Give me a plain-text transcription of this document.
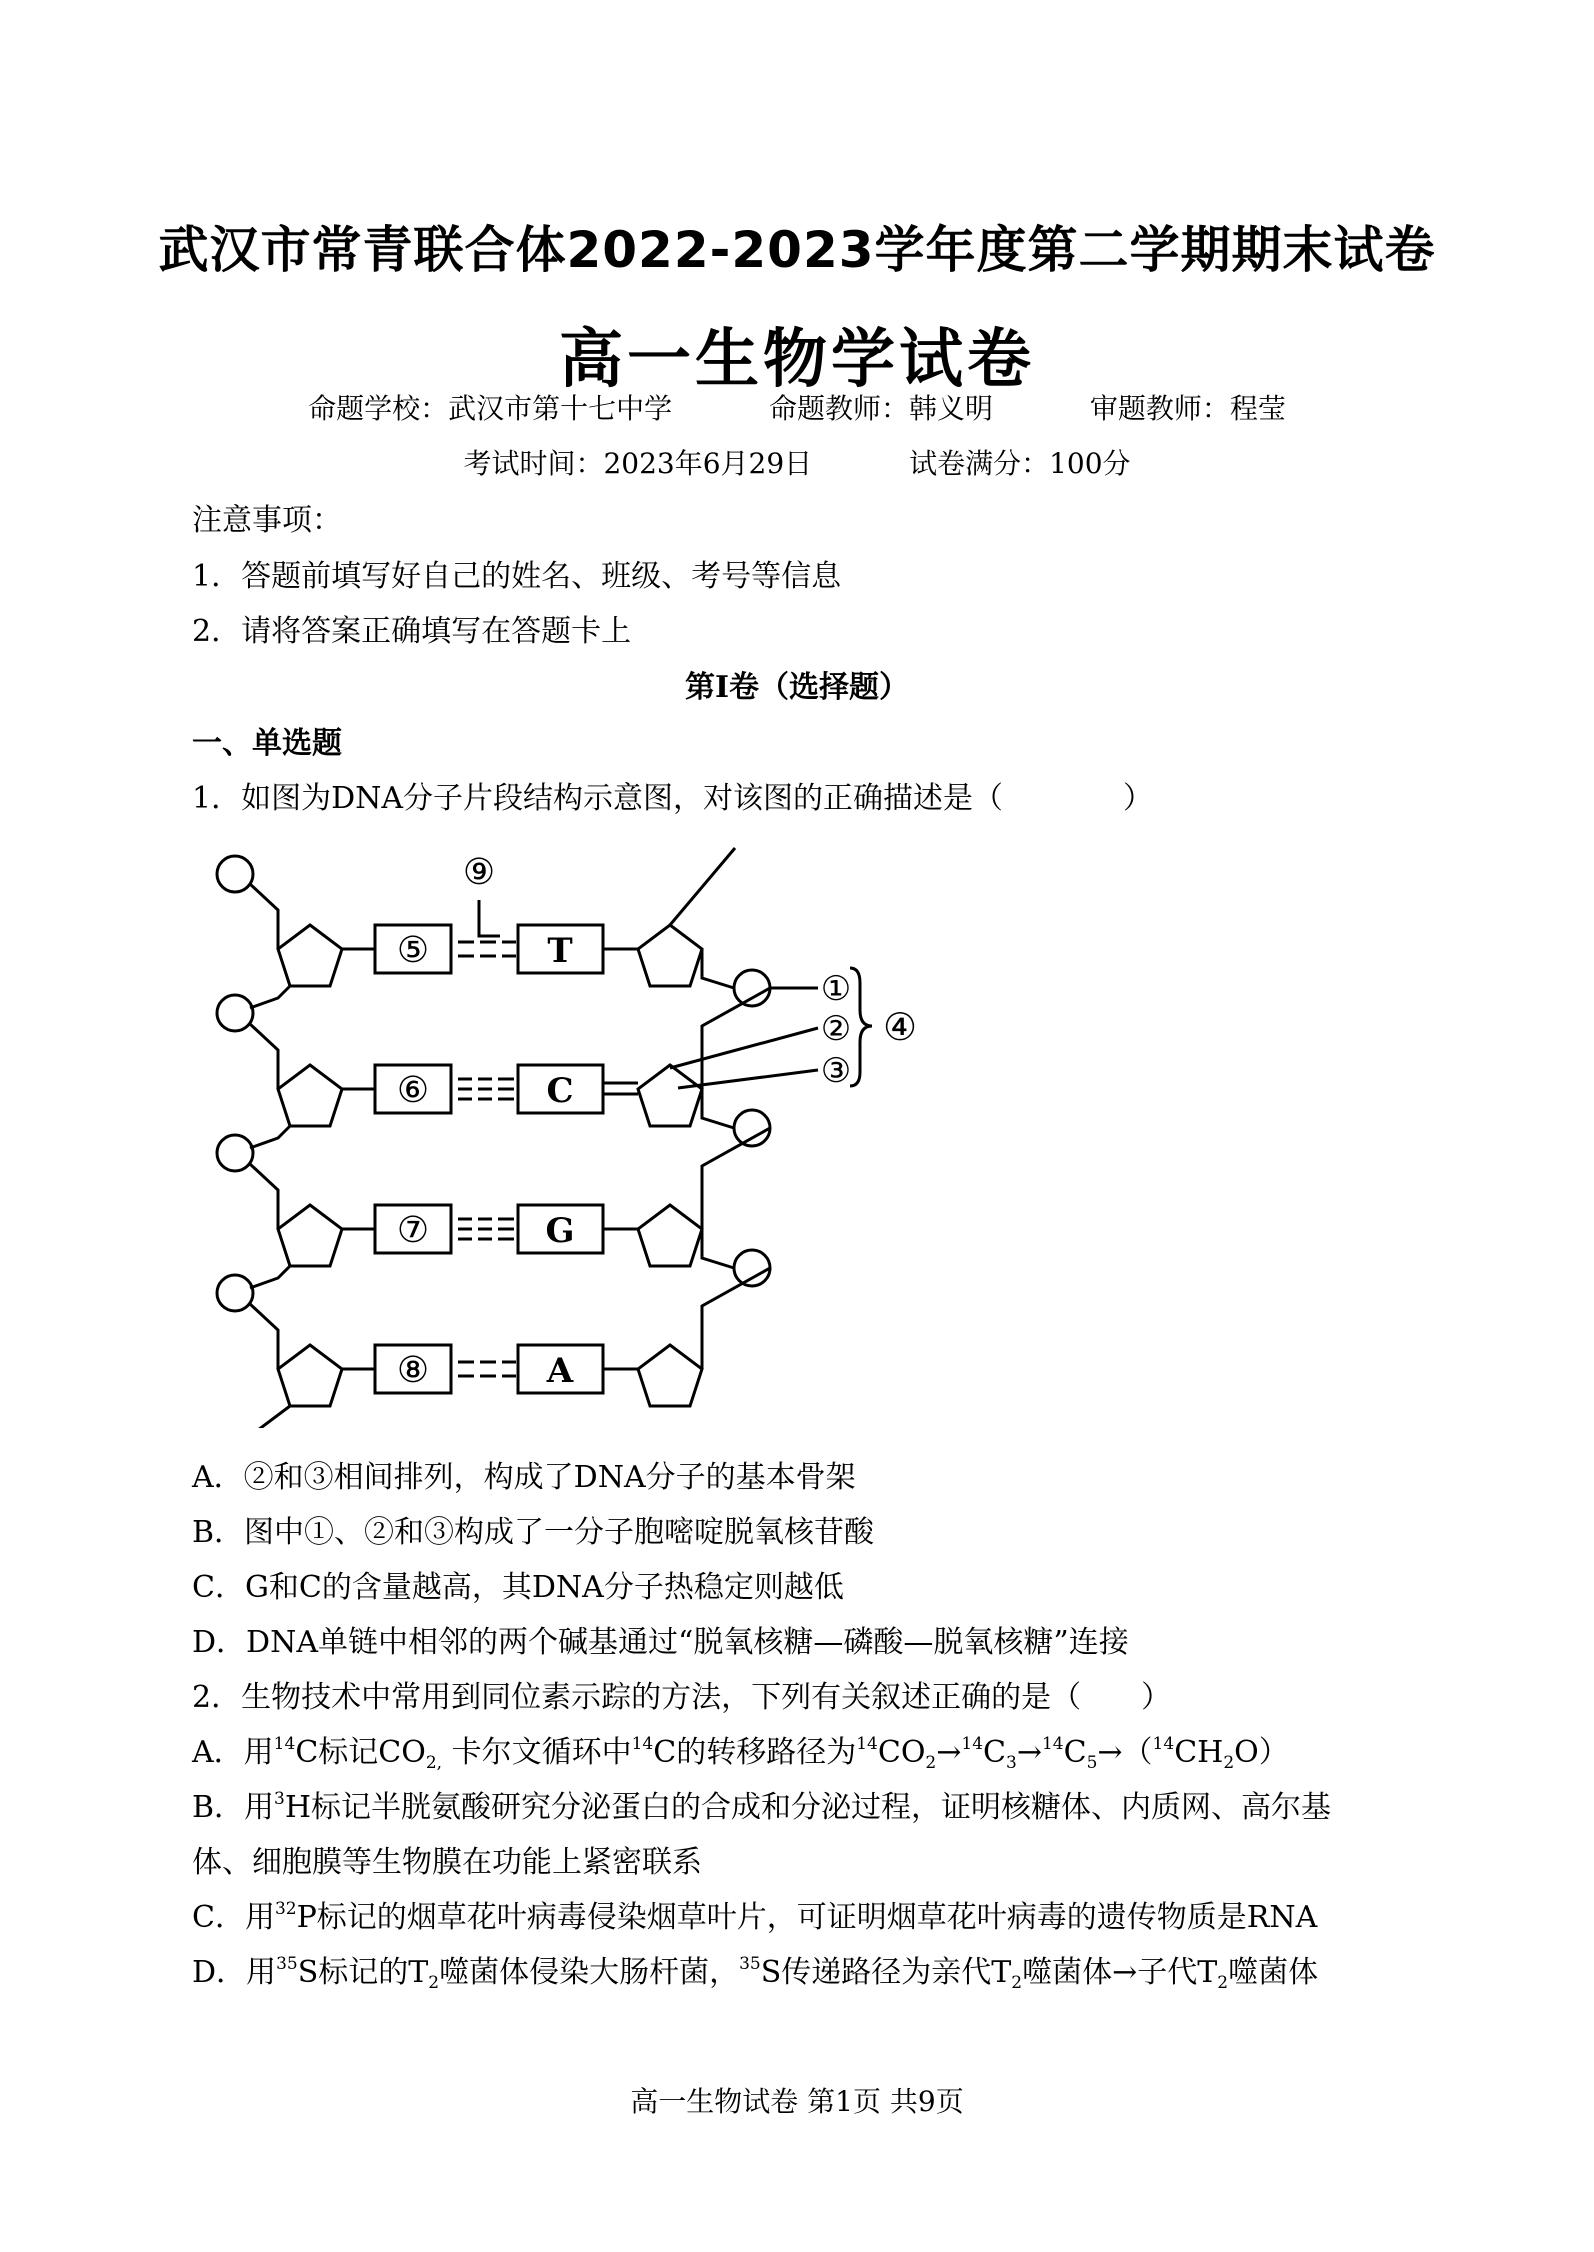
武汉市常青联合体2022-2023学年度第二学期期末试卷
高一生物学试卷
命题学校：武汉市第十七中学	命题教师：韩义明	审题教师：程莹
考试时间：2023年6月29日	试卷满分：100分
注意事项：
1．答题前填写好自己的姓名、班级、考号等信息
2．请将答案正确填写在答题卡上
第Ⅰ卷（选择题）
一、单选题
1．如图为DNA分子片段结构示意图，对该图的正确描述是（　　　　）
⑤
⑥
⑦
⑧
⑨
①
②
③
④
T
C
G
A
A．②和③相间排列，构成了DNA分子的基本骨架
B．图中①、②和③构成了一分子胞嘧啶脱氧核苷酸
C．G和C的含量越高，其DNA分子热稳定则越低
D．DNA单链中相邻的两个碱基通过“脱氧核糖—磷酸—脱氧核糖”连接
2．生物技术中常用到同位素示踪的方法，下列有关叙述正确的是（　　）
A．用$^{14}$C标记$CO_{2,}$ 卡尔文循环中$^{14}$C的转移路径为$^{14}CO_2\to^{14}C_3\to^{14}C_5\to(^{14}CH_2O)$
B．用$^3$H标记半胱氨酸研究分泌蛋白的合成和分泌过程，证明核糖体、内质网、高尔基
体、细胞膜等生物膜在功能上紧密联系
C．用$^{32}$P标记的烟草花叶病毒侵染烟草叶片，可证明烟草花叶病毒的遗传物质是RNA
D．用$^{35}$S标记的$T_2$噬菌体侵染大肠杆菌，$^{35}$S传递路径为亲代$T_2$噬菌体→子代$T_2$噬菌体
高一生物试卷 第1页 共9页
